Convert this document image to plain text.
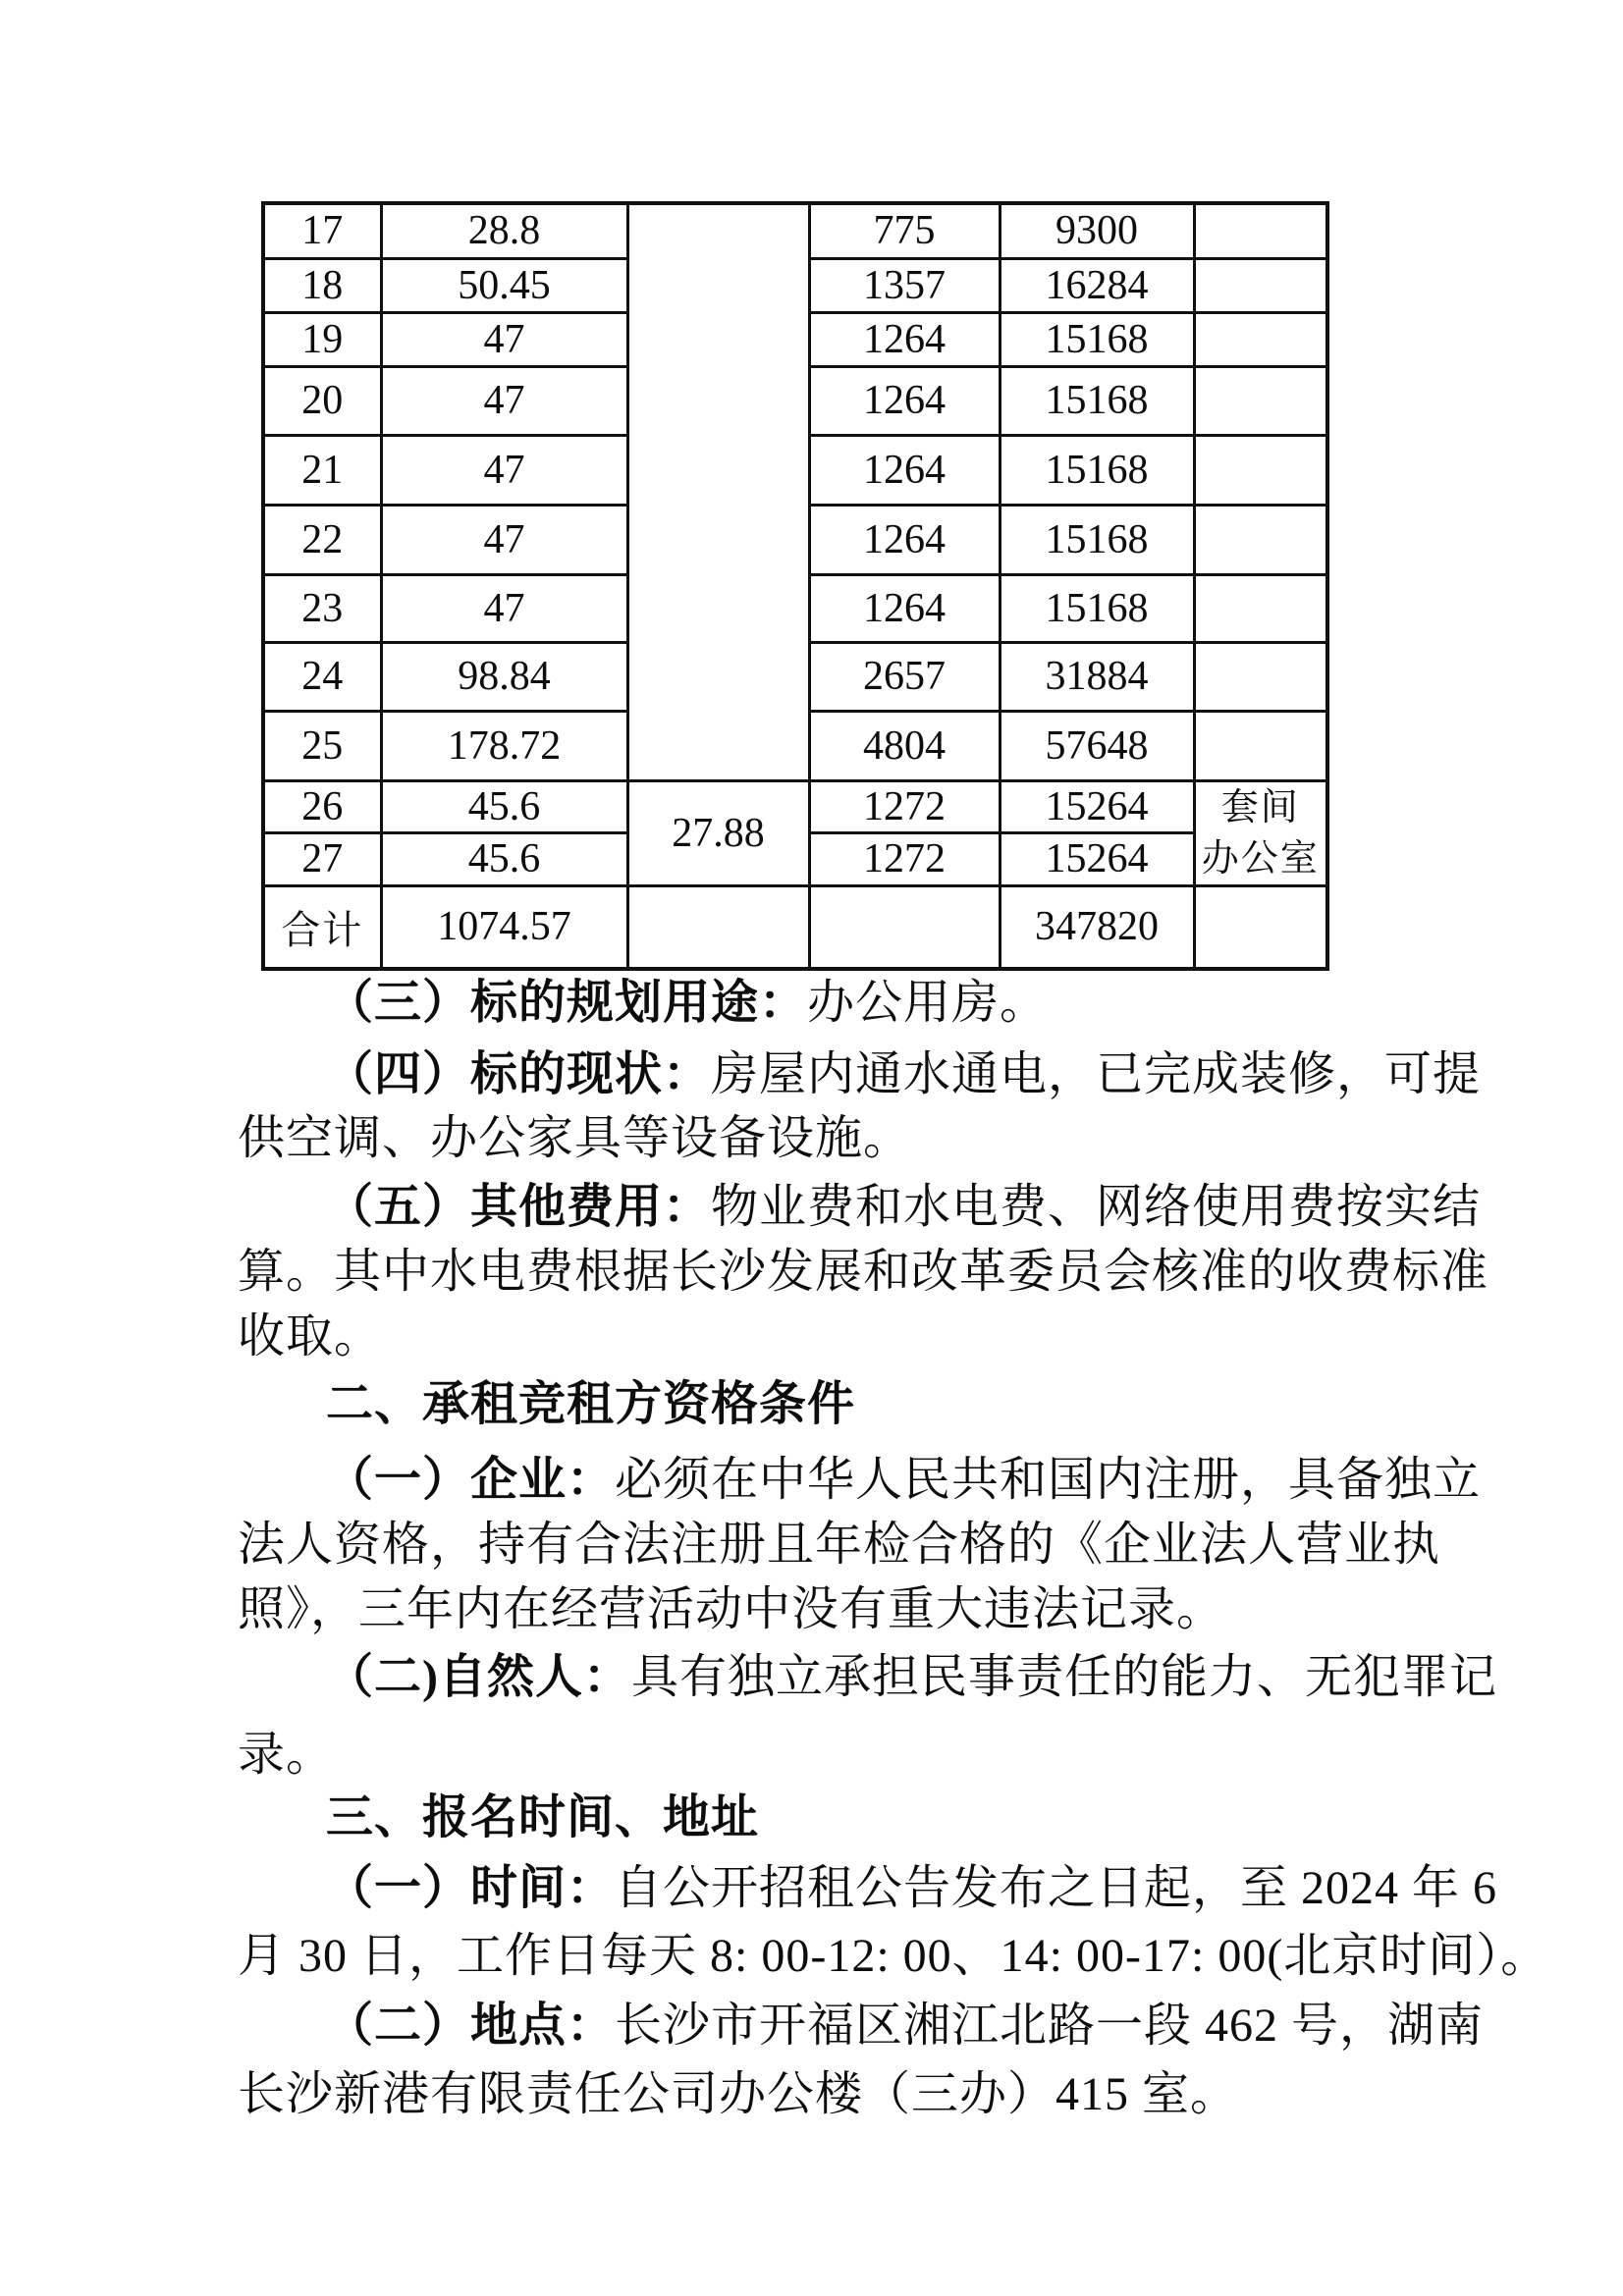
17	28.8		775	9300	
18	50.45		1357	16284	
19	47		1264	15168	
20	47		1264	15168	
21	47		1264	15168	
22	47		1264	15168	
23	47		1264	15168	
24	98.84		2657	31884	
25	178.72		4804	57648	
26	45.6	27.88	1272	15264	套间
办公室

27	45.6		1272	15264	
合计	1074.57			347820	
（三）标的规划用途：办公用房。
（四）标的现状：房屋内通水通电，已完成装修，可提
供空调、办公家具等设备设施。
（五）其他费用：物业费和水电费、网络使用费按实结
算。其中水电费根据长沙发展和改革委员会核准的收费标准
收取。
二、承租竞租方资格条件
（一）企业：必须在中华人民共和国内注册，具备独立
法人资格，持有合法注册且年检合格的《企业法人营业执
照》，三年内在经营活动中没有重大违法记录。
（二)自然人：具有独立承担民事责任的能力、无犯罪记
录。
三、报名时间、地址
（一）时间：自公开招租公告发布之日起，至 2024 年 6
月 30 日，工作日每天 8: 00-12: 00、14: 00-17: 00(北京时间）。
（二）地点：长沙市开福区湘江北路一段 462 号，湖南
长沙新港有限责任公司办公楼（三办）415 室。
